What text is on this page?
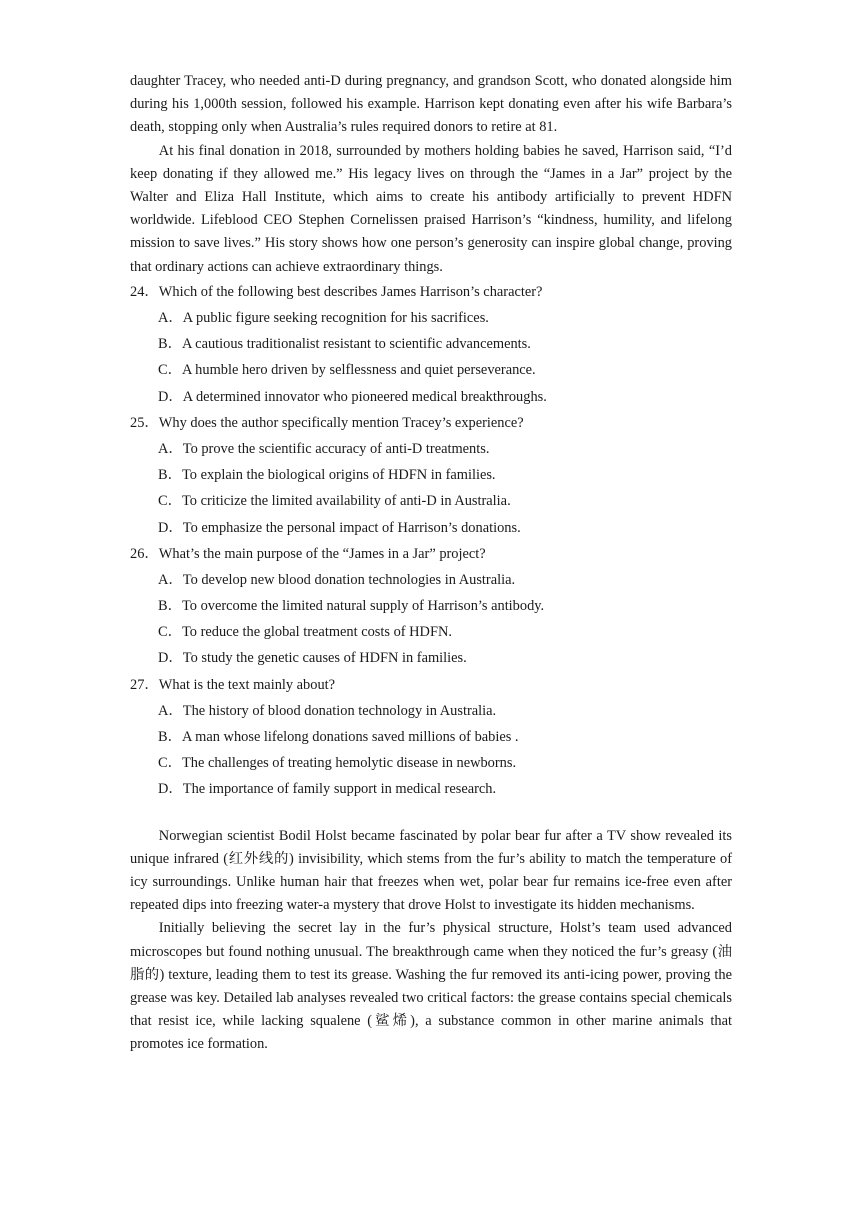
daughter Tracey, who needed anti-D during pregnancy, and grandson Scott, who donated alongside him during his 1,000th session, followed his example. Harrison kept donating even after his wife Barbara’s death, stopping only when Australia’s rules required donors to retire at 81.

At his final donation in 2018, surrounded by mothers holding babies he saved, Harrison said, “I’d keep donating if they allowed me.” His legacy lives on through the “James in a Jar” project by the Walter and Eliza Hall Institute, which aims to create his antibody artificially to prevent HDFN worldwide. Lifeblood CEO Stephen Cornelissen praised Harrison’s “kindness, humility, and lifelong mission to save lives.” His story shows how one person’s generosity can inspire global change, proving that ordinary actions can achieve extraordinary things.

24．Which of the following best describes James Harrison’s character?
A．A public figure seeking recognition for his sacrifices.
B．A cautious traditionalist resistant to scientific advancements.
C．A humble hero driven by selflessness and quiet perseverance.
D．A determined innovator who pioneered medical breakthroughs.
25．Why does the author specifically mention Tracey’s experience?
A．To prove the scientific accuracy of anti-D treatments.
B．To explain the biological origins of HDFN in families.
C．To criticize the limited availability of anti-D in Australia.
D．To emphasize the personal impact of Harrison’s donations.
26．What’s the main purpose of the “James in a Jar” project?
A．To develop new blood donation technologies in Australia.
B．To overcome the limited natural supply of Harrison’s antibody.
C．To reduce the global treatment costs of HDFN.
D．To study the genetic causes of HDFN in families.
27．What is the text mainly about?
A．The history of blood donation technology in Australia.
B．A man whose lifelong donations saved millions of babies .
C．The challenges of treating hemolytic disease in newborns.
D．The importance of family support in medical research.

Norwegian scientist Bodil Holst became fascinated by polar bear fur after a TV show revealed its unique infrared (红外线的) invisibility, which stems from the fur’s ability to match the temperature of icy surroundings. Unlike human hair that freezes when wet, polar bear fur remains ice-free even after repeated dips into freezing water-a mystery that drove Holst to investigate its hidden mechanisms.

Initially believing the secret lay in the fur’s physical structure, Holst’s team used advanced microscopes but found nothing unusual. The breakthrough came when they noticed the fur’s greasy (油脂的) texture, leading them to test its grease. Washing the fur removed its anti-icing power, proving the grease was key. Detailed lab analyses revealed two critical factors: the grease contains special chemicals that resist ice, while lacking squalene (鲨烯), a substance common in other marine animals that promotes ice formation.
